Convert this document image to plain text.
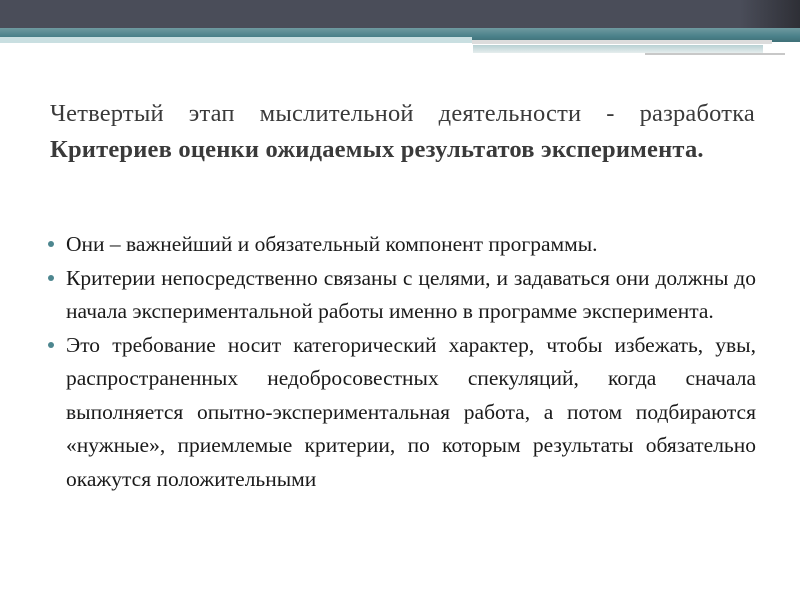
Четвертый этап мыслительной деятельности - разработка Критериев оценки ожидаемых результатов эксперимента.
Они – важнейший и обязательный компонент программы.
Критерии непосредственно связаны с целями, и задаваться они должны до начала экспериментальной работы именно в программе эксперимента.
Это требование носит категорический характер, чтобы избежать, увы, распространенных недобросовестных спекуляций, когда сначала выполняется опытно-экспериментальная работа, а потом подбираются «нужные», приемлемые критерии, по которым результаты обязательно окажутся положительными
